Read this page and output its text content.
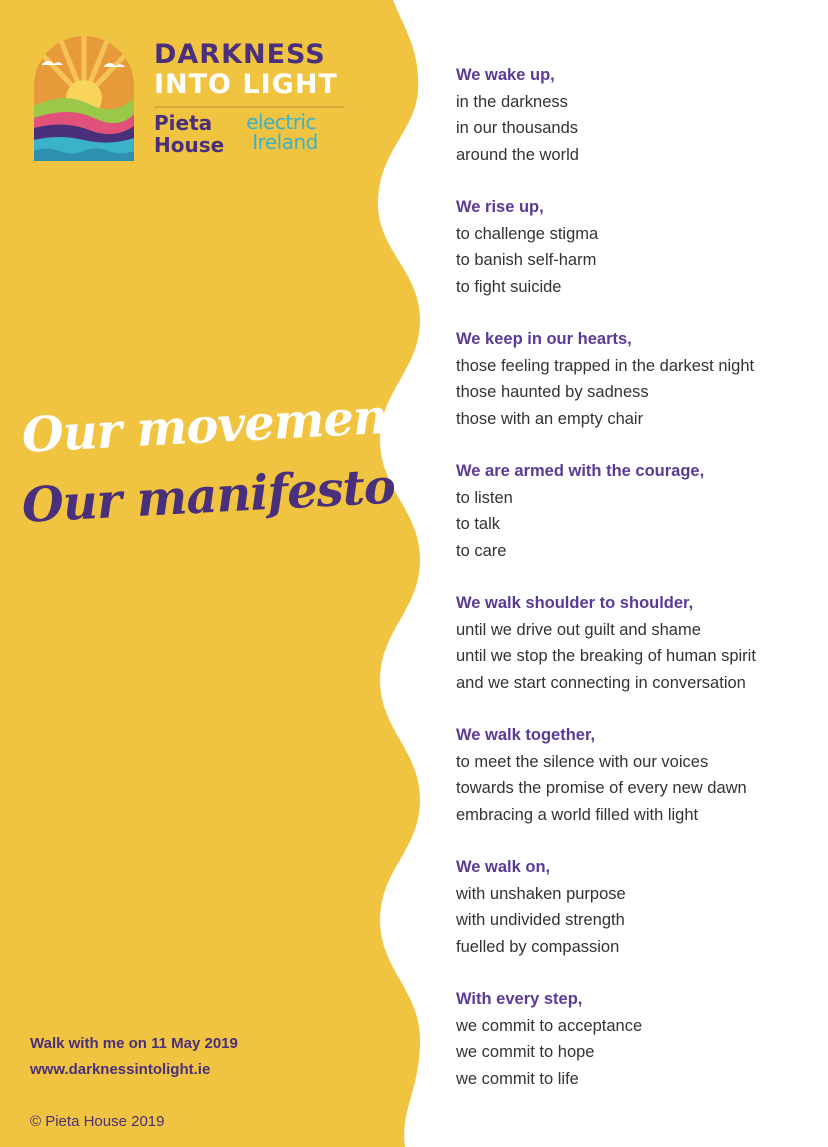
DARKNESS
INTO LIGHT
Pieta
House
electric
Ireland
Our movement
Our manifesto
Walk with me on 11 May 2019
www.darknessintolight.ie
© Pieta House 2019
We wake up,
in the darkness
in our thousands
around the world
We rise up,
to challenge stigma
to banish self-harm
to fight suicide
We keep in our hearts,
those feeling trapped in the darkest night
those haunted by sadness
those with an empty chair
We are armed with the courage,
to listen
to talk
to care
We walk shoulder to shoulder,
until we drive out guilt and shame
until we stop the breaking of human spirit
and we start connecting in conversation
We walk together,
to meet the silence with our voices
towards the promise of every new dawn
embracing a world filled with light
We walk on,
with unshaken purpose
with undivided strength
fuelled by compassion
With every step,
we commit to acceptance
we commit to hope
we commit to life
